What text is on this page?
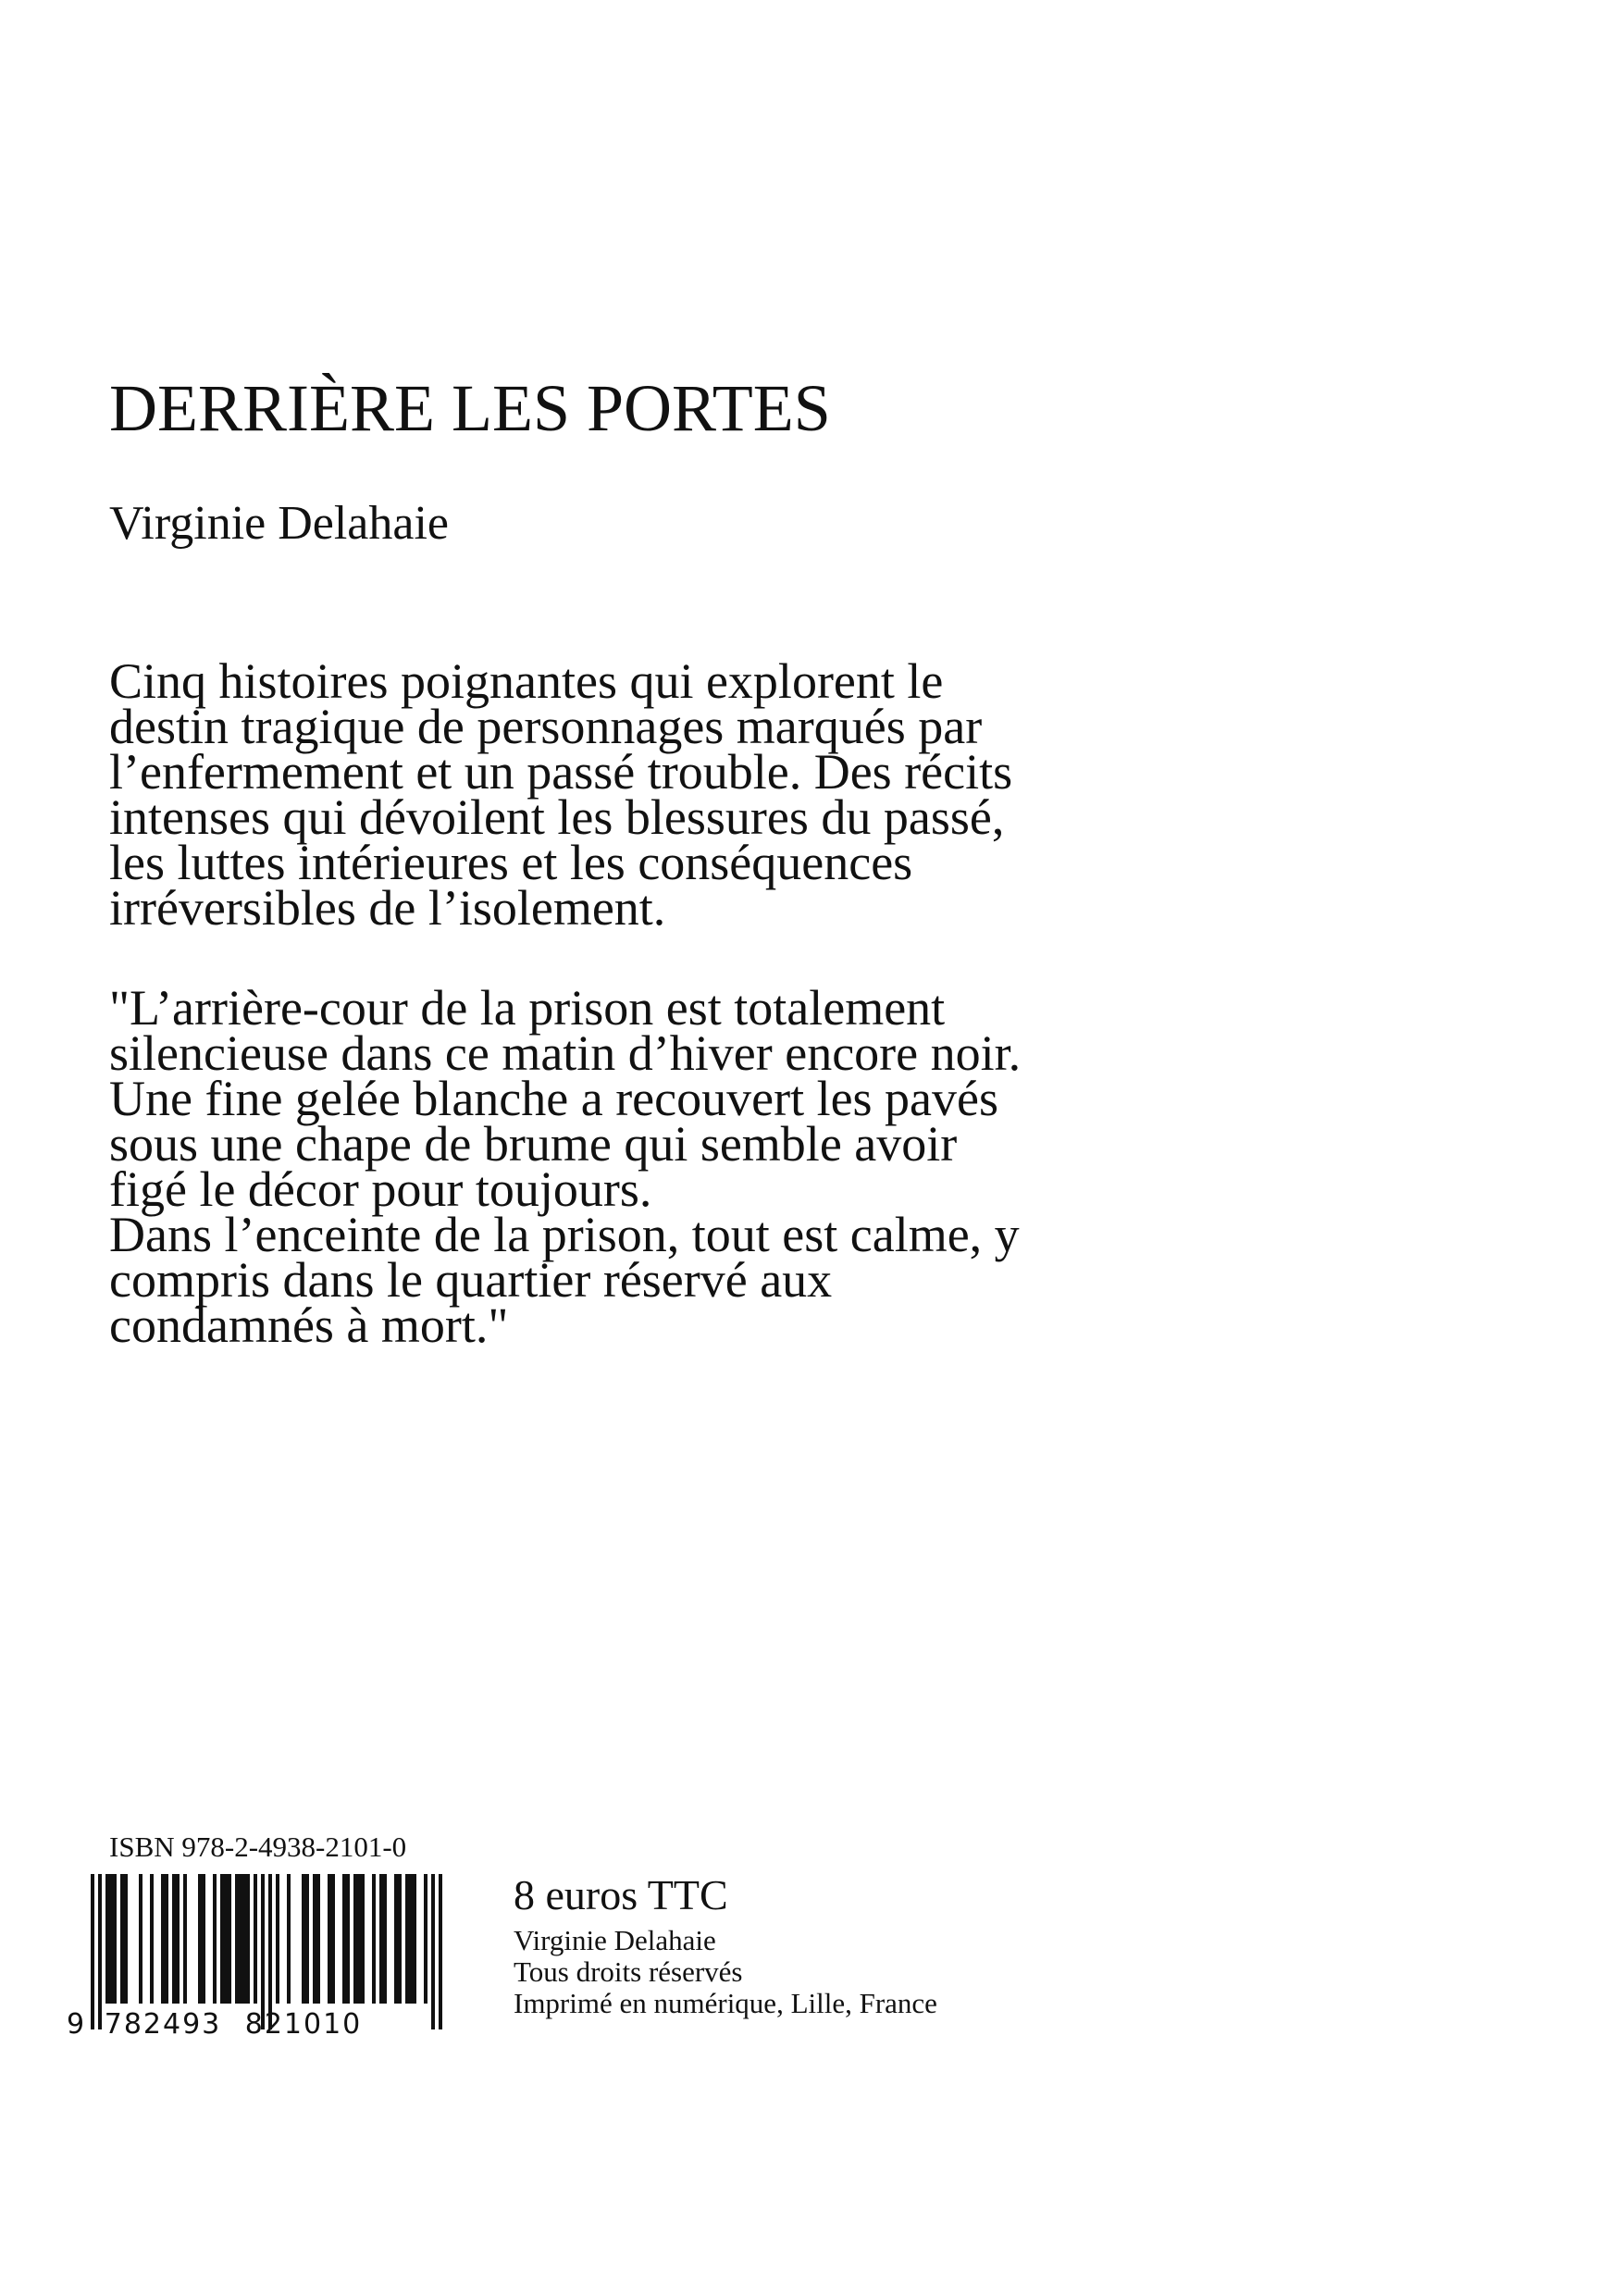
DERRIÈRE LES PORTES
Virginie Delahaie

Cinq histoires poignantes qui explorent le

destin tragique de personnages marqués par

l’enfermement et un passé trouble. Des récits

intenses qui dévoilent les blessures du passé,

les luttes intérieures et les conséquences

irréversibles de l’isolement.

"L’arrière-cour de la prison est totalement

silencieuse dans ce matin d’hiver encore noir.

Une fine gelée blanche a recouvert les pavés

sous une chape de brume qui semble avoir

figé le décor pour toujours.

Dans l’enceinte de la prison, tout est calme, y

compris dans le quartier réservé aux

condamnés à mort."

ISBN 978-2-4938-2101-0
9 782493 821010
8 euros TTC
Virginie Delahaie
Tous droits réservés
Imprimé en numérique, Lille, France
